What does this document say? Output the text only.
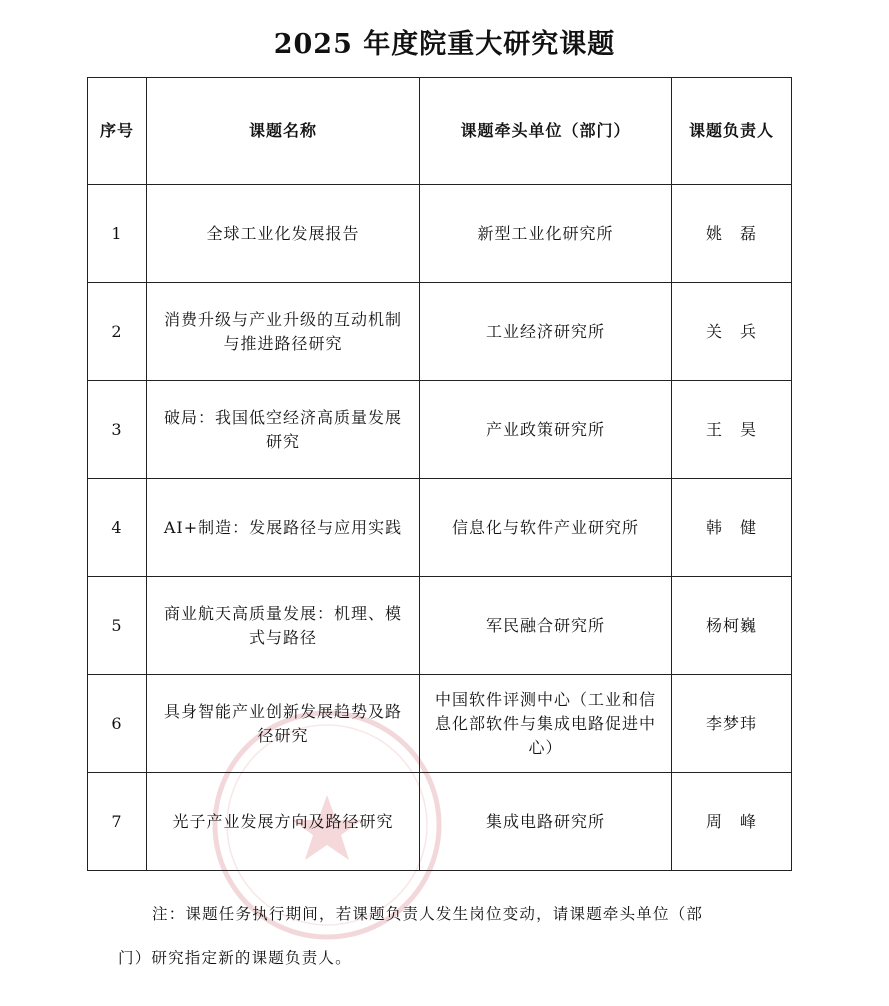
2025 年度院重大研究课题
序号	课题名称	课题牵头单位（部门）	课题负责人
1	全球工业化发展报告	新型工业化研究所	姚　磊
2	消费升级与产业升级的互动机制与推进路径研究	工业经济研究所	关　兵
3	破局：我国低空经济高质量发展研究	产业政策研究所	王　昊
4	AI+制造：发展路径与应用实践	信息化与软件产业研究所	韩　健
5	商业航天高质量发展：机理、模式与路径	军民融合研究所	杨柯巍
6	具身智能产业创新发展趋势及路径研究	中国软件评测中心（工业和信息化部软件与集成电路促进中心）	李梦玮
7	光子产业发展方向及路径研究	集成电路研究所	周　峰
注：课题任务执行期间，若课题负责人发生岗位变动，请课题牵头单位（部
门）研究指定新的课题负责人。
